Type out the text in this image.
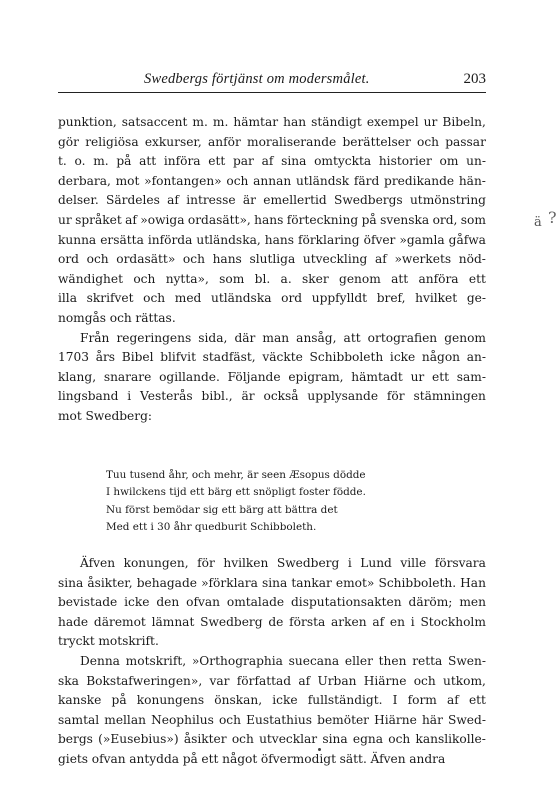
Swedbergs förtjänst om modersmålet.	203
ä ?
punktion, satsaccent m. m. hämtar han ständigt exempel ur Bibeln,
gör religiösa exkurser, anför moraliserande berättelser och passar
t. o. m. på att införa ett par af sina omtyckta historier om un-
derbara, mot »fontangen» och annan utländsk färd predikande hän-
delser. Särdeles af intresse är emellertid Swedbergs utmönstring
ur språket af »owiga ordasätt», hans förteckning på svenska ord, som
kunna ersätta införda utländska, hans förklaring öfver »gamla gåfwa
ord och ordasätt» och hans slutliga utveckling af »werkets nöd-
wändighet och nytta», som bl. a. sker genom att anföra ett
illa skrifvet och med utländska ord uppfylldt bref, hvilket ge-
nomgås och rättas.
Från regeringens sida, där man ansåg, att ortografien genom
1703 års Bibel blifvit stadfäst, väckte Schibboleth icke någon an-
klang, snarare ogillande. Följande epigram, hämtadt ur ett sam-
lingsband i Vesterås bibl., är också upplysande för stämningen
mot Swedberg:
Tuu tusend åhr, och mehr, är seen Æsopus dödde
I hwilckens tijd ett bärg ett snöpligt foster födde.
Nu först bemödar sig ett bärg att bättra det
Med ett i 30 åhr quedburit Schibboleth.
Äfven konungen, för hvilken Swedberg i Lund ville försvara
sina åsikter, behagade »förklara sina tankar emot» Schibboleth. Han
bevistade icke den ofvan omtalade disputationsakten däröm; men
hade däremot lämnat Swedberg de första arken af en i Stockholm
tryckt motskrift.
Denna motskrift, »Orthographia suecana eller then retta Swen-
ska Bokstafweringen», var författad af Urban Hiärne och utkom,
kanske på konungens önskan, icke fullständigt. I form af ett
samtal mellan Neophilus och Eustathius bemöter Hiärne här Swed-
bergs (»Eusebius») åsikter och utvecklar sina egna och kanslikolle-
giets ofvan antydda på ett något öfvermodigt sätt. Äfven andra
